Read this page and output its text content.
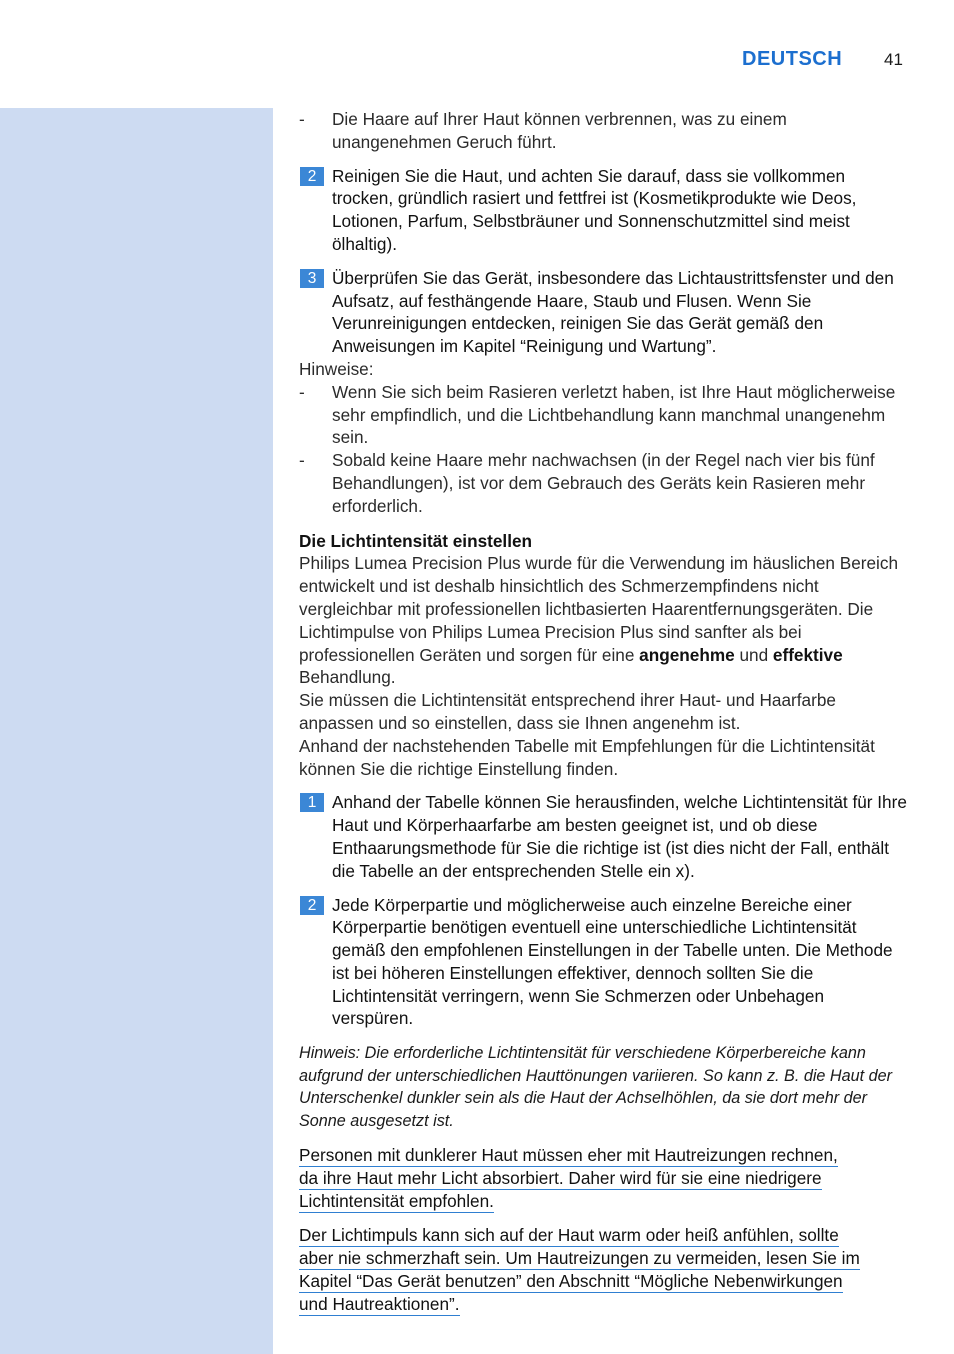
DEUTSCH 41
- Die Haare auf Ihrer Haut können verbrennen, was zu einem unangenehmen Geruch führt.
2 Reinigen Sie die Haut, und achten Sie darauf, dass sie vollkommen trocken, gründlich rasiert und fettfrei ist (Kosmetikprodukte wie Deos, Lotionen, Parfum, Selbstbräuner und Sonnenschutzmittel sind meist ölhaltig).
3 Überprüfen Sie das Gerät, insbesondere das Lichtaustrittsfenster und den Aufsatz, auf festhängende Haare, Staub und Flusen. Wenn Sie Verunreinigungen entdecken, reinigen Sie das Gerät gemäß den Anweisungen im Kapitel “Reinigung und Wartung”.
Hinweise:
- Wenn Sie sich beim Rasieren verletzt haben, ist Ihre Haut möglicherweise sehr empfindlich, und die Lichtbehandlung kann manchmal unangenehm sein.
- Sobald keine Haare mehr nachwachsen (in der Regel nach vier bis fünf Behandlungen), ist vor dem Gebrauch des Geräts kein Rasieren mehr erforderlich.
Die Lichtintensität einstellen

Philips Lumea Precision Plus wurde für die Verwendung im häuslichen Bereich entwickelt und ist deshalb hinsichtlich des Schmerzempfindens nicht vergleichbar mit professionellen lichtbasierten Haarentfernungsgeräten. Die Lichtimpulse von Philips Lumea Precision Plus sind sanfter als bei professionellen Geräten und sorgen für eine angenehme und effektive Behandlung.

Sie müssen die Lichtintensität entsprechend ihrer Haut- und Haarfarbe anpassen und so einstellen, dass sie Ihnen angenehm ist.

Anhand der nachstehenden Tabelle mit Empfehlungen für die Lichtintensität können Sie die richtige Einstellung finden.

1 Anhand der Tabelle können Sie herausfinden, welche Lichtintensität für Ihre Haut und Körperhaarfarbe am besten geeignet ist, und ob diese Enthaarungsmethode für Sie die richtige ist (ist dies nicht der Fall, enthält die Tabelle an der entsprechenden Stelle ein x).
2 Jede Körperpartie und möglicherweise auch einzelne Bereiche einer Körperpartie benötigen eventuell eine unterschiedliche Lichtintensität gemäß den empfohlenen Einstellungen in der Tabelle unten. Die Methode ist bei höheren Einstellungen effektiver, dennoch sollten Sie die Lichtintensität verringern, wenn Sie Schmerzen oder Unbehagen verspüren.
Hinweis: Die erforderliche Lichtintensität für verschiedene Körperbereiche kann aufgrund der unterschiedlichen Hauttönungen variieren. So kann z. B. die Haut der Unterschenkel dunkler sein als die Haut der Achselhöhlen, da sie dort mehr der Sonne ausgesetzt ist.
Personen mit dunklerer Haut müssen eher mit Hautreizungen rechnen,
da ihre Haut mehr Licht absorbiert. Daher wird für sie eine niedrigere
Lichtintensität empfohlen.
Der Lichtimpuls kann sich auf der Haut warm oder heiß anfühlen, sollte
aber nie schmerzhaft sein. Um Hautreizungen zu vermeiden, lesen Sie im
Kapitel “Das Gerät benutzen” den Abschnitt “Mögliche Nebenwirkungen
und Hautreaktionen”.
